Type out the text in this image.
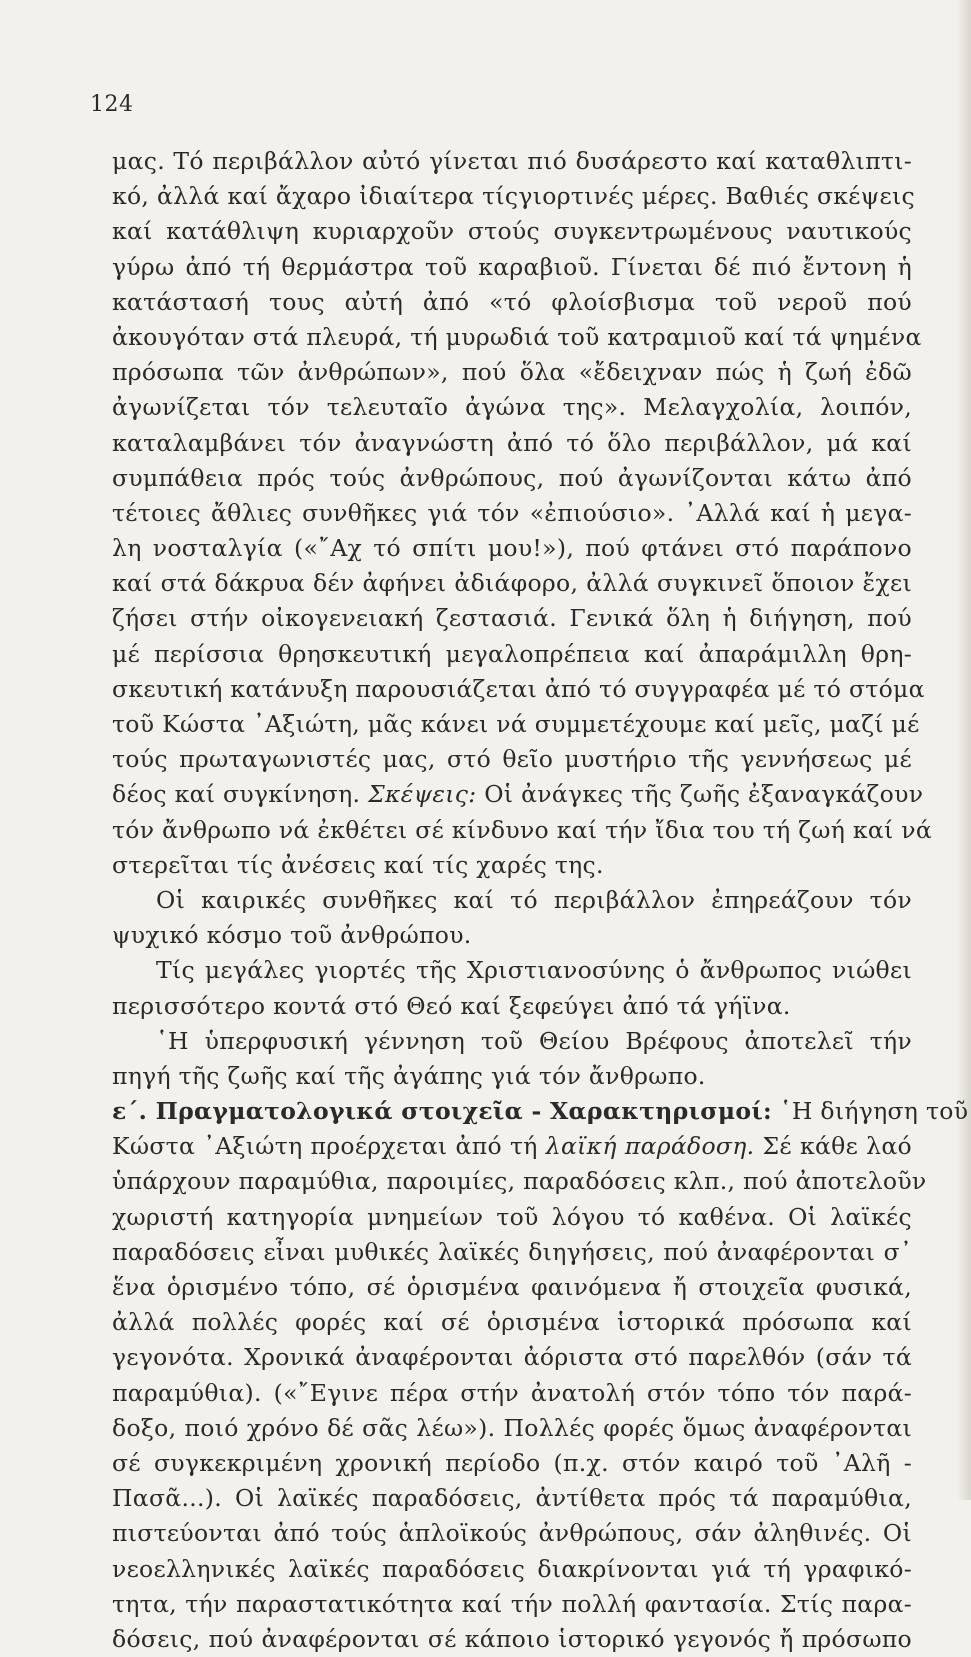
124
μας. Τό περιβάλλον αὐτό γίνεται πιό δυσάρεστο καί καταθλιπτι-
κό, ἀλλά καί ἄχαρο ἰδιαίτερα τίςγιορτινές μέρες. Βαθιές σκέψεις
καί κατάθλιψη κυριαρχοῦν στούς συγκεντρωμένους ναυτικούς
γύρω ἀπό τή θερμάστρα τοῦ καραβιοῦ. Γίνεται δέ πιό ἔντονη ἡ
κατάστασή τους αὐτή ἀπό «τό φλοίσβισμα τοῦ νεροῦ πού
ἀκουγόταν στά πλευρά, τή μυρωδιά τοῦ κατραμιοῦ καί τά ψημένα
πρόσωπα τῶν ἀνθρώπων», πού ὅλα «ἔδειχναν πώς ἡ ζωή ἐδῶ
ἀγωνίζεται τόν τελευταῖο ἀγώνα της». Μελαγχολία, λοιπόν,
καταλαμβάνει τόν ἀναγνώστη ἀπό τό ὅλο περιβάλλον, μά καί
συμπάθεια πρός τούς ἀνθρώπους, πού ἀγωνίζονται κάτω ἀπό
τέτοιες ἄθλιες συνθῆκες γιά τόν «ἐπιούσιο». ᾿Αλλά καί ἡ μεγα-
λη νοσταλγία («῎Αχ τό σπίτι μου!»), πού φτάνει στό παράπονο
καί στά δάκρυα δέν ἀφήνει ἀδιάφορο, ἀλλά συγκινεῖ ὅποιον ἔχει
ζήσει στήν οἰκογενειακή ζεστασιά. Γενικά ὅλη ἡ διήγηση, πού
μέ περίσσια θρησκευτική μεγαλοπρέπεια καί ἀπαράμιλλη θρη-
σκευτική κατάνυξη παρουσιάζεται ἀπό τό συγγραφέα μέ τό στόμα
τοῦ Κώστα ᾿Αξιώτη, μᾶς κάνει νά συμμετέχουμε καί μεῖς, μαζί μέ
τούς πρωταγωνιστές μας, στό θεῖο μυστήριο τῆς γεννήσεως μέ
δέος καί συγκίνηση. Σκέψεις: Οἱ ἀνάγκες τῆς ζωῆς ἐξαναγκάζουν
τόν ἄνθρωπο νά ἐκθέτει σέ κίνδυνο καί τήν ἴδια του τή ζωή καί νά
στερεῖται τίς ἀνέσεις καί τίς χαρές της.
Οἱ καιρικές συνθῆκες καί τό περιβάλλον ἐπηρεάζουν τόν
ψυχικό κόσμο τοῦ ἀνθρώπου.
Τίς μεγάλες γιορτές τῆς Χριστιανοσύνης ὁ ἄνθρωπος νιώθει
περισσότερο κοντά στό Θεό καί ξεφεύγει ἀπό τά γήϊνα.
῾Η ὑπερφυσική γέννηση τοῦ Θείου Βρέφους ἀποτελεῖ τήν
πηγή τῆς ζωῆς καί τῆς ἀγάπης γιά τόν ἄνθρωπο.
ε΄. Πραγματολογικά στοιχεῖα - Χαρακτηρισμοί: ῾Η διήγηση τοῦ
Κώστα ᾿Αξιώτη προέρχεται ἀπό τή λαϊκή παράδοση. Σέ κάθε λαό
ὑπάρχουν παραμύθια, παροιμίες, παραδόσεις κλπ., πού ἀποτελοῦν
χωριστή κατηγορία μνημείων τοῦ λόγου τό καθένα. Οἱ λαϊκές
παραδόσεις εἶναι μυθικές λαϊκές διηγήσεις, πού ἀναφέρονται σ᾿
ἕνα ὁρισμένο τόπο, σέ ὁρισμένα φαινόμενα ἤ στοιχεῖα φυσικά,
ἀλλά πολλές φορές καί σέ ὁρισμένα ἱστορικά πρόσωπα καί
γεγονότα. Χρονικά ἀναφέρονται ἀόριστα στό παρελθόν (σάν τά
παραμύθια). («῎Εγινε πέρα στήν ἀνατολή στόν τόπο τόν παρά-
δοξο, ποιό χρόνο δέ σᾶς λέω»). Πολλές φορές ὅμως ἀναφέρονται
σέ συγκεκριμένη χρονική περίοδο (π.χ. στόν καιρό τοῦ ᾿Αλῆ -
Πασᾶ...). Οἱ λαϊκές παραδόσεις, ἀντίθετα πρός τά παραμύθια,
πιστεύονται ἀπό τούς ἁπλοϊκούς ἀνθρώπους, σάν ἀληθινές. Οἱ
νεοελληνικές λαϊκές παραδόσεις διακρίνονται γιά τή γραφικό-
τητα, τήν παραστατικότητα καί τήν πολλή φαντασία. Στίς παρα-
δόσεις, πού ἀναφέρονται σέ κάποιο ἱστορικό γεγονός ἤ πρόσωπο
